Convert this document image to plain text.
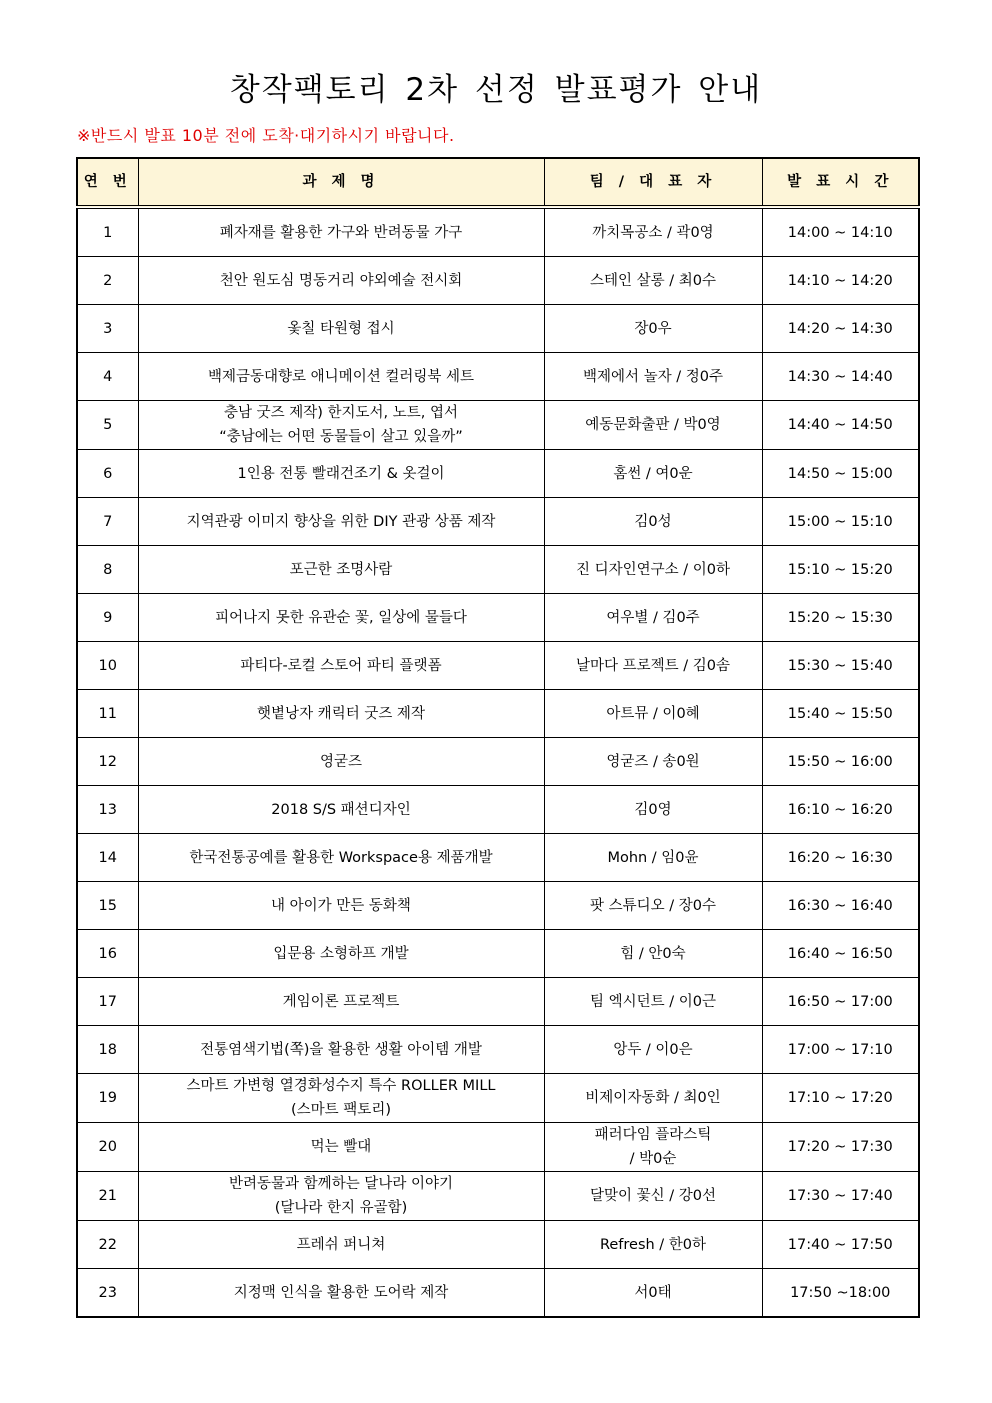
창작팩토리 2차 선정 발표평가 안내
※반드시 발표 10분 전에 도착·대기하시기 바랍니다.
연 번	과 제 명	팀 / 대 표 자	발 표 시 간
1	폐자재를 활용한 가구와 반려동물 가구	까치목공소 / 곽0영	14:00 ~ 14:10
2	천안 원도심 명동거리 야외예술 전시회	스테인 살롱 / 최0수	14:10 ~ 14:20
3	옻칠 타원형 접시	장0우	14:20 ~ 14:30
4	백제금동대향로 애니메이션 컬러링북 세트	백제에서 놀자 / 정0주	14:30 ~ 14:40
5	충남 굿즈 제작) 한지도서, 노트, 엽서
“충남에는 어떤 동물들이 살고 있을까”	예동문화출판 / 박0영	14:40 ~ 14:50
6	1인용 전통 빨래건조기 & 옷걸이	홈썬 / 여0운	14:50 ~ 15:00
7	지역관광 이미지 향상을 위한 DIY 관광 상품 제작	김0성	15:00 ~ 15:10
8	포근한 조명사람	진 디자인연구소 / 이0하	15:10 ~ 15:20
9	피어나지 못한 유관순 꽃, 일상에 물들다	여우별 / 김0주	15:20 ~ 15:30
10	파티다-로컬 스토어 파티 플랫폼	날마다 프로젝트 / 김0솜	15:30 ~ 15:40
11	햇볕낭자 캐릭터 굿즈 제작	아트뮤 / 이0혜	15:40 ~ 15:50
12	영굳즈	영굳즈 / 송0원	15:50 ~ 16:00
13	2018 S/S 패션디자인	김0영	16:10 ~ 16:20
14	한국전통공예를 활용한 Workspace용 제품개발	Mohn / 임0윤	16:20 ~ 16:30
15	내 아이가 만든 동화책	팟 스튜디오 / 장0수	16:30 ~ 16:40
16	입문용 소형하프 개발	힘 / 안0숙	16:40 ~ 16:50
17	게임이론 프로젝트	팀 엑시던트 / 이0근	16:50 ~ 17:00
18	전통염색기법(쪽)을 활용한 생활 아이템 개발	앙두 / 이0은	17:00 ~ 17:10
19	스마트 가변형 열경화성수지 특수 ROLLER MILL
(스마트 팩토리)	비제이자동화 / 최0인	17:10 ~ 17:20
20	먹는 빨대	패러다임 플라스틱
/ 박0순	17:20 ~ 17:30
21	반려동물과 함께하는 달나라 이야기
(달나라 한지 유골함)	달맞이 꽃신 / 강0선	17:30 ~ 17:40
22	프레쉬 퍼니쳐	Refresh / 한0하	17:40 ~ 17:50
23	지정맥 인식을 활용한 도어락 제작	서0태	17:50 ~18:00
